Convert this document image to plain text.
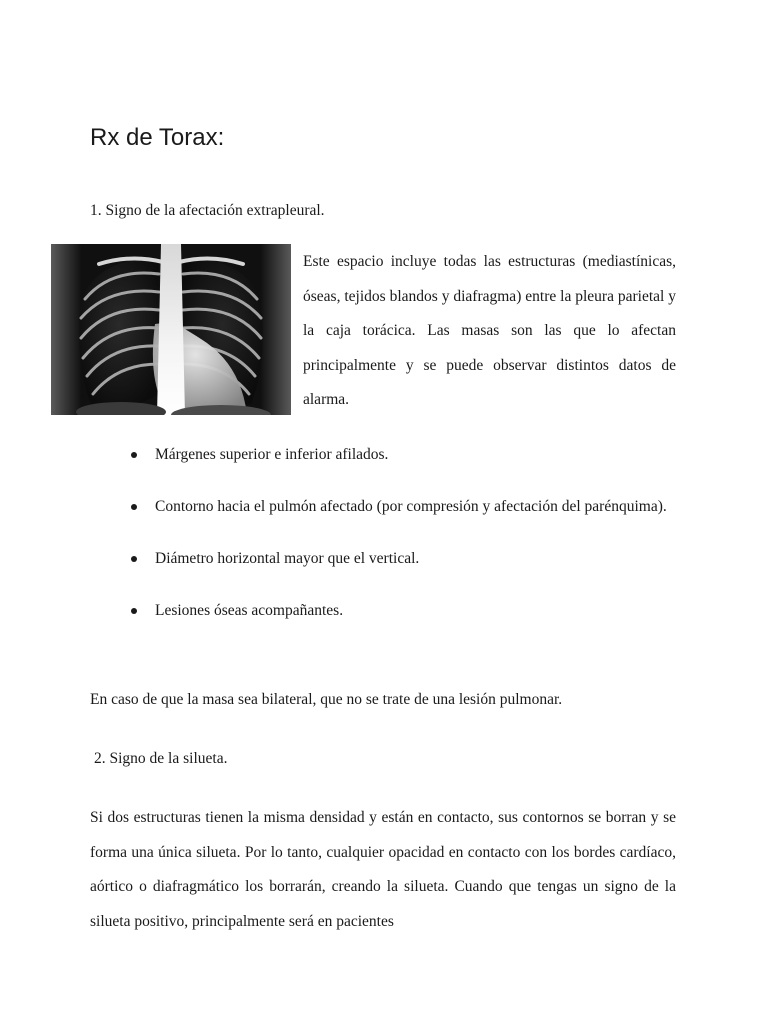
Rx de Torax:

1. Signo de la afectación extrapleural.

Este espacio incluye todas las estructuras (mediastínicas, óseas, tejidos blandos y diafragma) entre la pleura parietal y la caja torácica. Las masas son las que lo afectan principalmente y se puede observar distintos datos de alarma.

Márgenes superior e inferior afilados.
Contorno hacia el pulmón afectado (por compresión y afectación del parénquima).
Diámetro horizontal mayor que el vertical.
Lesiones óseas acompañantes.

En caso de que la masa sea bilateral, que no se trate de una lesión pulmonar.

2. Signo de la silueta.

Si dos estructuras tienen la misma densidad y están en contacto, sus contornos se borran y se forma una única silueta. Por lo tanto, cualquier opacidad en contacto con los bordes cardíaco, aórtico o diafragmático los borrarán, creando la silueta. Cuando que tengas un signo de la silueta positivo, principalmente será en pacientes
